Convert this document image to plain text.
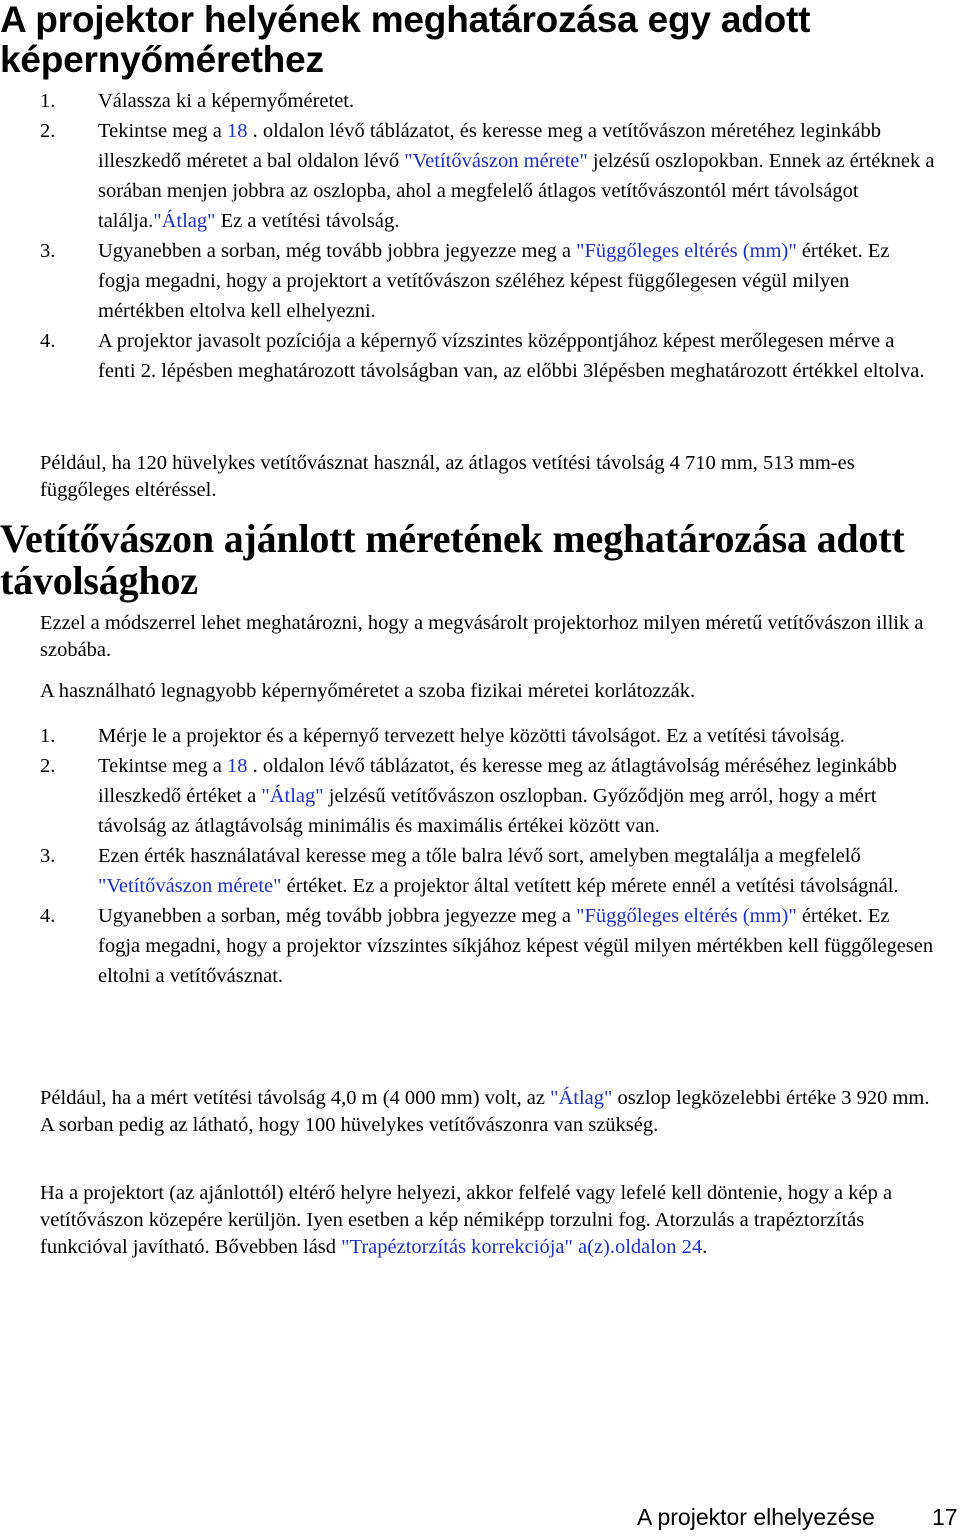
A projektor helyének meghatározása egy adott
képernyőmérethez
1. Válassza ki a képernyőméretet.
2. Tekintse meg a 18 . oldalon lévő táblázatot, és keresse meg a vetítővászon méretéhez leginkább illeszkedő méretet a bal oldalon lévő "Vetítővászon mérete" jelzésű oszlopokban. Ennek az értéknek a sorában menjen jobbra az oszlopba, ahol a megfelelő átlagos vetítővászontól mért távolságot találja."Átlag" Ez a vetítési távolság.
3. Ugyanebben a sorban, még tovább jobbra jegyezze meg a "Függőleges eltérés (mm)" értéket. Ez fogja megadni, hogy a projektort a vetítővászon széléhez képest függőlegesen végül milyen mértékben eltolva kell elhelyezni.
4. A projektor javasolt pozíciója a képernyő vízszintes középpontjához képest merőlegesen mérve a fenti 2. lépésben meghatározott távolságban van, az előbbi 3lépésben meghatározott értékkel eltolva.

Például, ha 120 hüvelykes vetítővásznat használ, az átlagos vetítési távolság 4 710 mm, 513 mm-es függőleges eltéréssel.

Vetítővászon ajánlott méretének meghatározása adott
távolsághoz

Ezzel a módszerrel lehet meghatározni, hogy a megvásárolt projektorhoz milyen méretű vetítővászon illik a szobába.

A használható legnagyobb képernyőméretet a szoba fizikai méretei korlátozzák.

1. Mérje le a projektor és a képernyő tervezett helye közötti távolságot. Ez a vetítési távolság.
2. Tekintse meg a 18 . oldalon lévő táblázatot, és keresse meg az átlagtávolság méréséhez leginkább illeszkedő értéket a "Átlag" jelzésű vetítővászon oszlopban. Győződjön meg arról, hogy a mért távolság az átlagtávolság minimális és maximális értékei között van.
3. Ezen érték használatával keresse meg a tőle balra lévő sort, amelyben megtalálja a megfelelő "Vetítővászon mérete" értéket. Ez a projektor által vetített kép mérete ennél a vetítési távolságnál.
4. Ugyanebben a sorban, még tovább jobbra jegyezze meg a "Függőleges eltérés (mm)" értéket. Ez fogja megadni, hogy a projektor vízszintes síkjához képest végül milyen mértékben kell függőlegesen eltolni a vetítővásznat.

Például, ha a mért vetítési távolság 4,0 m (4 000 mm) volt, az "Átlag" oszlop legközelebbi értéke 3 920 mm. A sorban pedig az látható, hogy 100 hüvelykes vetítővászonra van szükség.

Ha a projektort (az ajánlottól) eltérő helyre helyezi, akkor felfelé vagy lefelé kell döntenie, hogy a kép a vetítővászon közepére kerüljön. Iyen esetben a kép némiképp torzulni fog. Atorzulás a trapéztorzítás funkcióval javítható. Bővebben lásd "Trapéztorzítás korrekciója" a(z).oldalon 24.

A projektor elhelyezése 17
